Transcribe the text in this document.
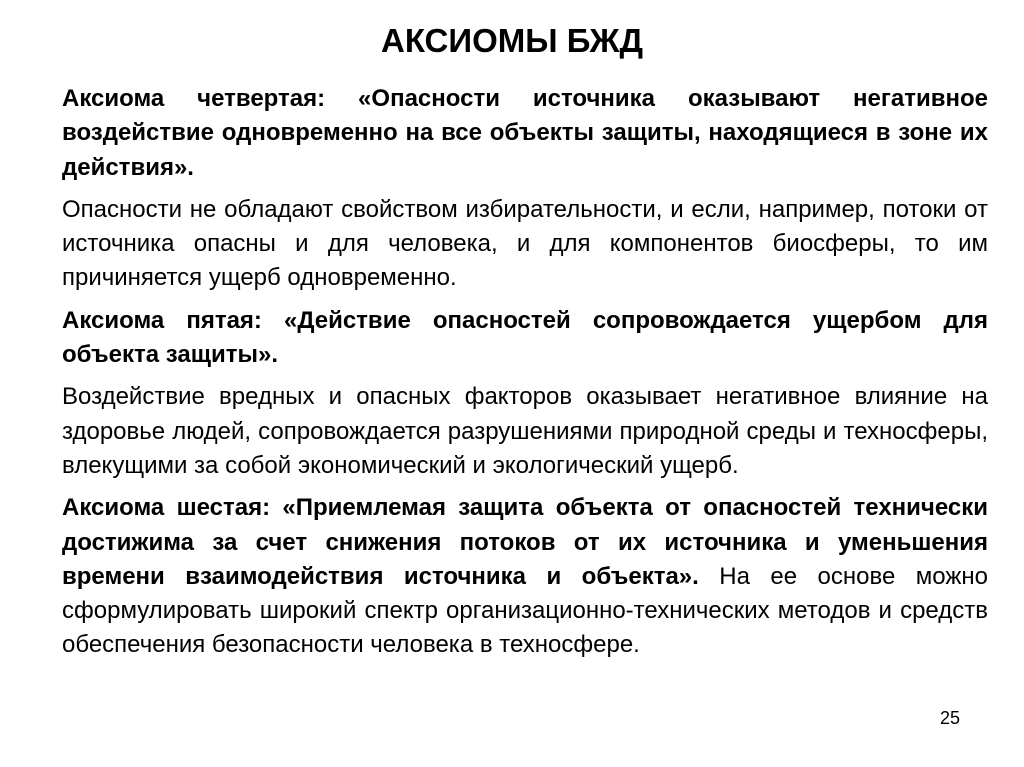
АКСИОМЫ БЖД

Аксиома четвертая: «Опасности источника оказывают негативное воздействие одновременно на все объекты защиты, находящиеся в зоне их действия».

Опасности не обладают свойством избирательности, и если, например, потоки от источника опасны и для человека, и для компонентов биосферы, то им причиняется ущерб одновременно.

Аксиома пятая: «Действие опасностей сопровождается ущербом для объекта защиты».

Воздействие вредных и опасных факторов оказывает негативное влияние на здоровье людей, сопровождается разрушениями природной среды и техносферы, влекущими за собой экономический и экологический ущерб.

Аксиома шестая: «Приемлемая защита объекта от опасностей технически достижима за счет снижения потоков от их источника и уменьшения времени взаимодействия источника и объекта». На ее основе можно сформулировать широкий спектр организационно-технических методов и средств обеспечения безопасности человека в техносфере.

25
